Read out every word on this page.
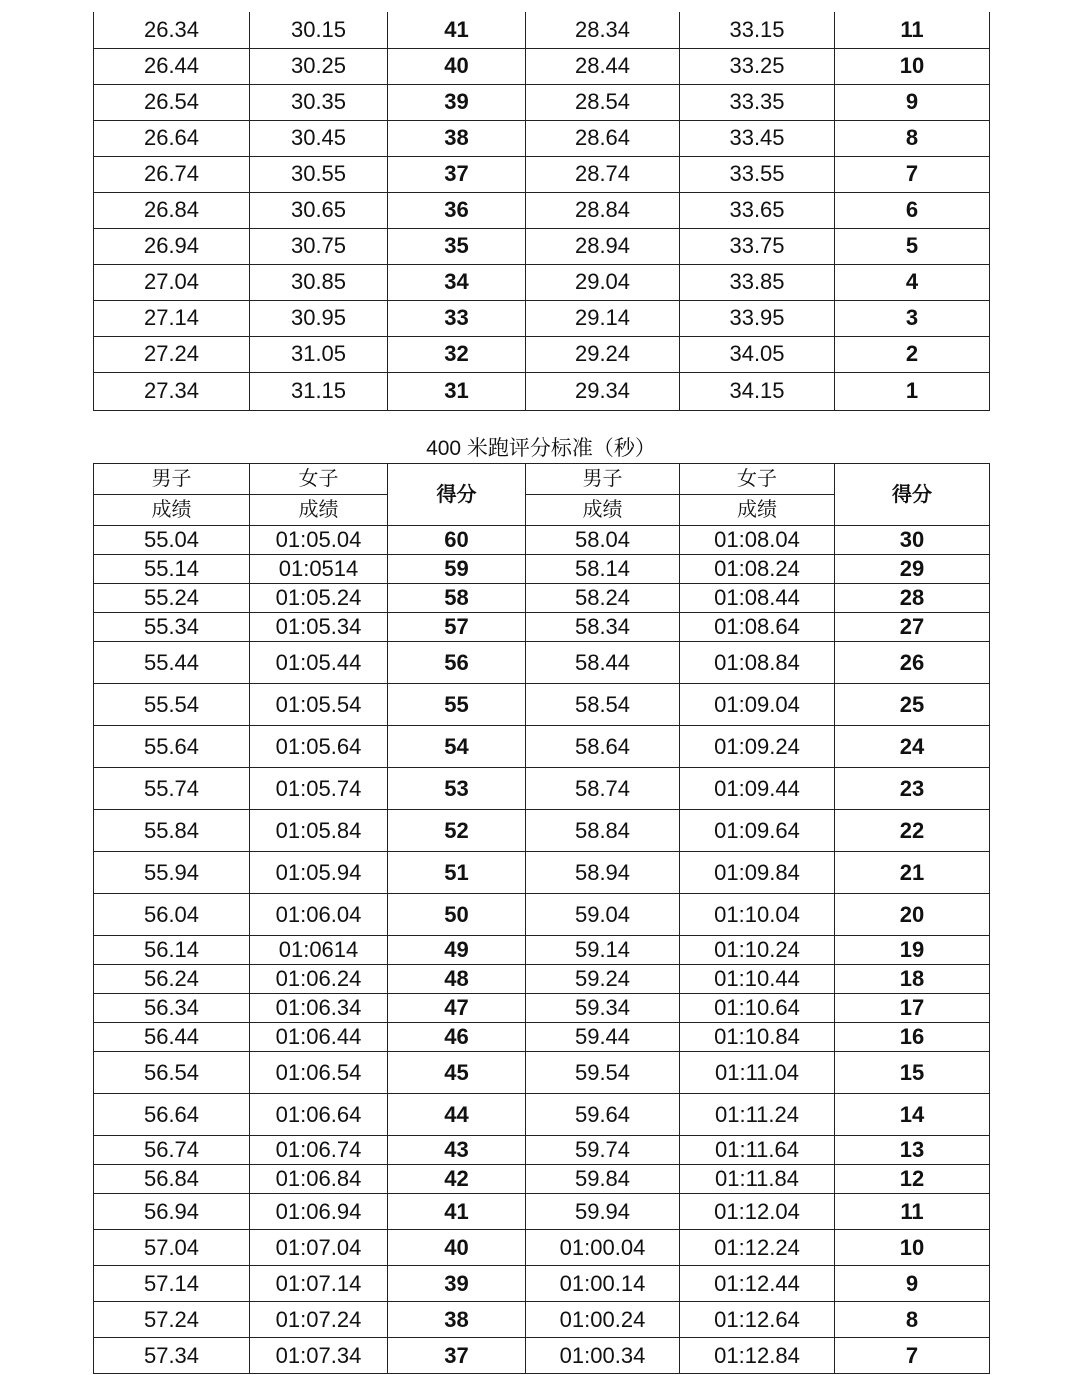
26.34	30.15	41	28.34	33.15	11
26.44	30.25	40	28.44	33.25	10
26.54	30.35	39	28.54	33.35	9
26.64	30.45	38	28.64	33.45	8
26.74	30.55	37	28.74	33.55	7
26.84	30.65	36	28.84	33.65	6
26.94	30.75	35	28.94	33.75	5
27.04	30.85	34	29.04	33.85	4
27.14	30.95	33	29.14	33.95	3
27.24	31.05	32	29.24	34.05	2
27.34	31.15	31	29.34	34.15	1
400 米跑评分标准（秒）
男子	女子	得分	男子	女子	得分
成绩	成绩		成绩	成绩	
55.04	01:05.04	60	58.04	01:08.04	30
55.14	01:0514	59	58.14	01:08.24	29
55.24	01:05.24	58	58.24	01:08.44	28
55.34	01:05.34	57	58.34	01:08.64	27
55.44	01:05.44	56	58.44	01:08.84	26
55.54	01:05.54	55	58.54	01:09.04	25
55.64	01:05.64	54	58.64	01:09.24	24
55.74	01:05.74	53	58.74	01:09.44	23
55.84	01:05.84	52	58.84	01:09.64	22
55.94	01:05.94	51	58.94	01:09.84	21
56.04	01:06.04	50	59.04	01:10.04	20
56.14	01:0614	49	59.14	01:10.24	19
56.24	01:06.24	48	59.24	01:10.44	18
56.34	01:06.34	47	59.34	01:10.64	17
56.44	01:06.44	46	59.44	01:10.84	16
56.54	01:06.54	45	59.54	01:11.04	15
56.64	01:06.64	44	59.64	01:11.24	14
56.74	01:06.74	43	59.74	01:11.64	13
56.84	01:06.84	42	59.84	01:11.84	12
56.94	01:06.94	41	59.94	01:12.04	11
57.04	01:07.04	40	01:00.04	01:12.24	10
57.14	01:07.14	39	01:00.14	01:12.44	9
57.24	01:07.24	38	01:00.24	01:12.64	8
57.34	01:07.34	37	01:00.34	01:12.84	7
